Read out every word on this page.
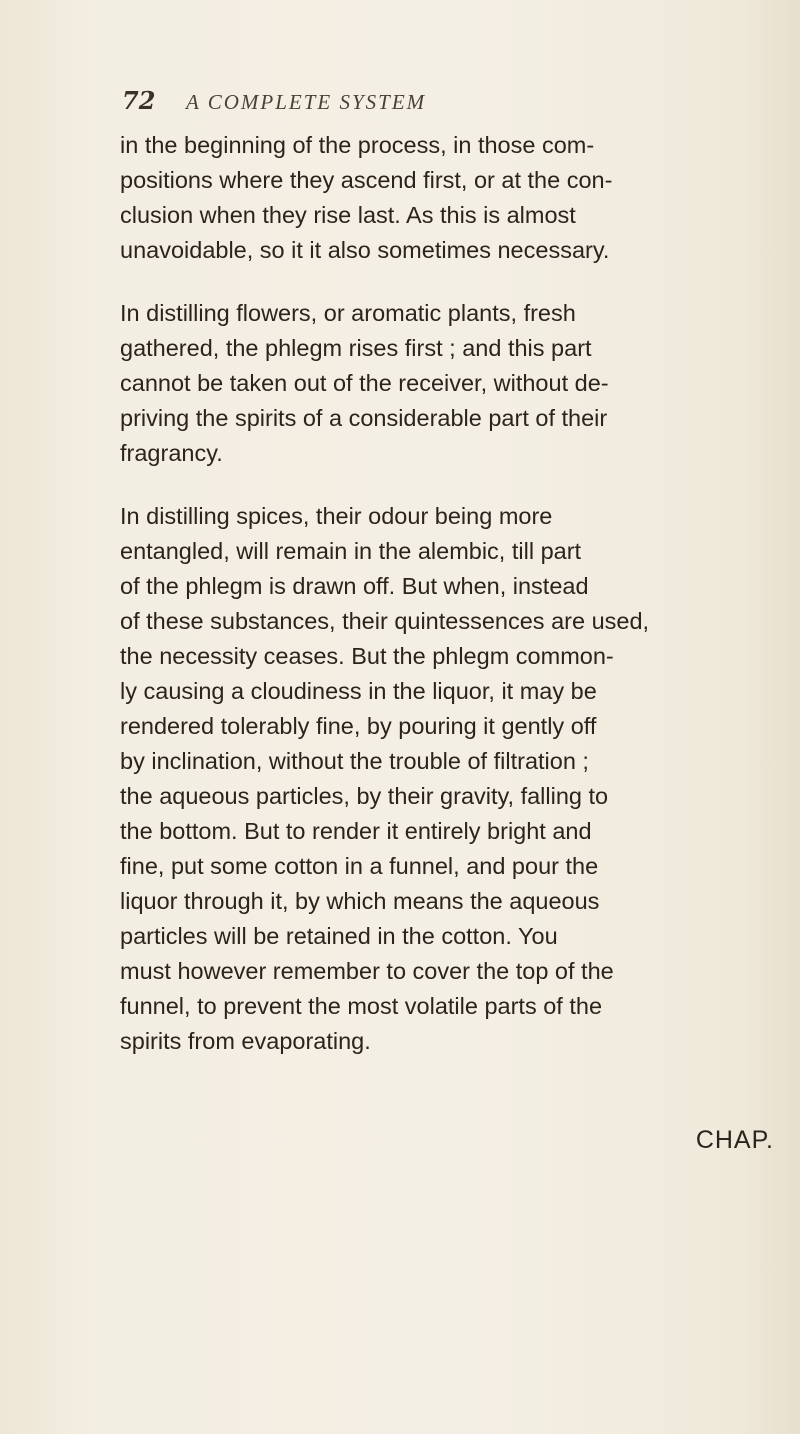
72 A COMPLETE SYSTEM

in the beginning of the process, in those com-
positions where they ascend first, or at the con-
clusion when they rise last. As this is almost
unavoidable, so it it also sometimes necessary.

In distilling flowers, or aromatic plants, fresh
gathered, the phlegm rises first ; and this part
cannot be taken out of the receiver, without de-
priving the spirits of a considerable part of their
fragrancy.

In distilling spices, their odour being more
entangled, will remain in the alembic, till part
of the phlegm is drawn off. But when, instead
of these substances, their quintessences are used,
the necessity ceases. But the phlegm common-
ly causing a cloudiness in the liquor, it may be
rendered tolerably fine, by pouring it gently off
by inclination, without the trouble of filtration ;
the aqueous particles, by their gravity, falling to
the bottom. But to render it entirely bright and
fine, put some cotton in a funnel, and pour the
liquor through it, by which means the aqueous
particles will be retained in the cotton. You
must however remember to cover the top of the
funnel, to prevent the most volatile parts of the
spirits from evaporating.

CHAP.
